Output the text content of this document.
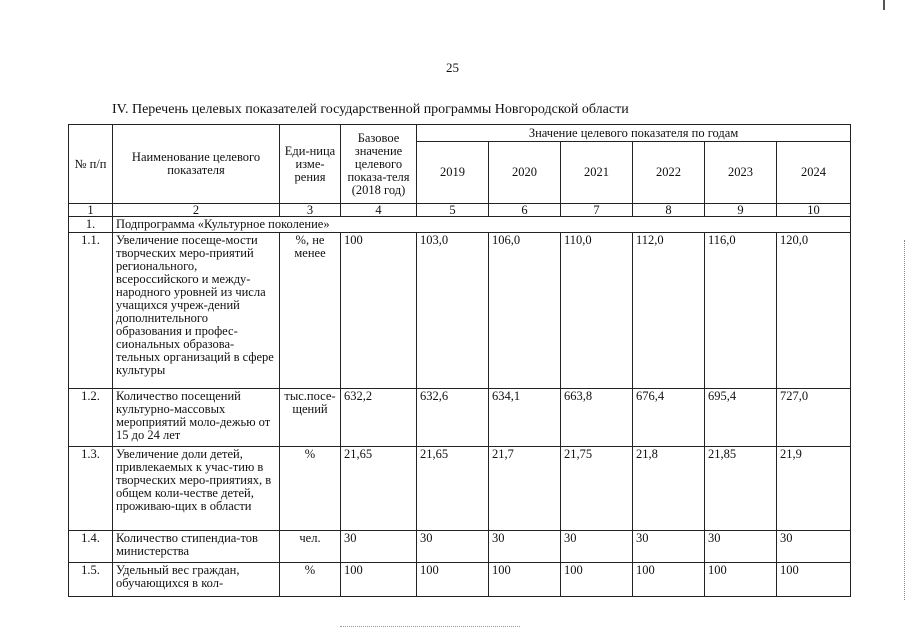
25
IV. Перечень целевых показателей государственной программы Новгородской области
№ п/п	Наименование целевого показателя	Еди-ница изме-рения	Базовое значение целевого показа-теля (2018 год)	Значение целевого показателя по годам					
				2019	2020	2021	2022	2023	2024
1	2	3	4	5	6	7	8	9	10
1.	Подпрограмма «Культурное поколение»								
1.1.	Увеличение посеще-мости творческих меро-приятий регионального, всероссийского и между-народного уровней из числа учащихся учреж-дений дополнительного образования и профес-сиональных образова-тельных организаций в сфере культуры	%, не менее	100	103,0	106,0	110,0	112,0	116,0	120,0
1.2.	Количество посещений культурно-массовых мероприятий моло-дежью от 15 до 24 лет	тыс.посе-щений	632,2	632,6	634,1	663,8	676,4	695,4	727,0
1.3.	Увеличение доли детей, привлекаемых к учас-тию в творческих меро-приятиях, в общем коли-честве детей, проживаю-щих в области	%	21,65	21,65	21,7	21,75	21,8	21,85	21,9
1.4.	Количество стипендиа-тов министерства	чел.	30	30	30	30	30	30	30
1.5.	Удельный вес граждан, обучающихся в кол-	%	100	100	100	100	100	100	100
